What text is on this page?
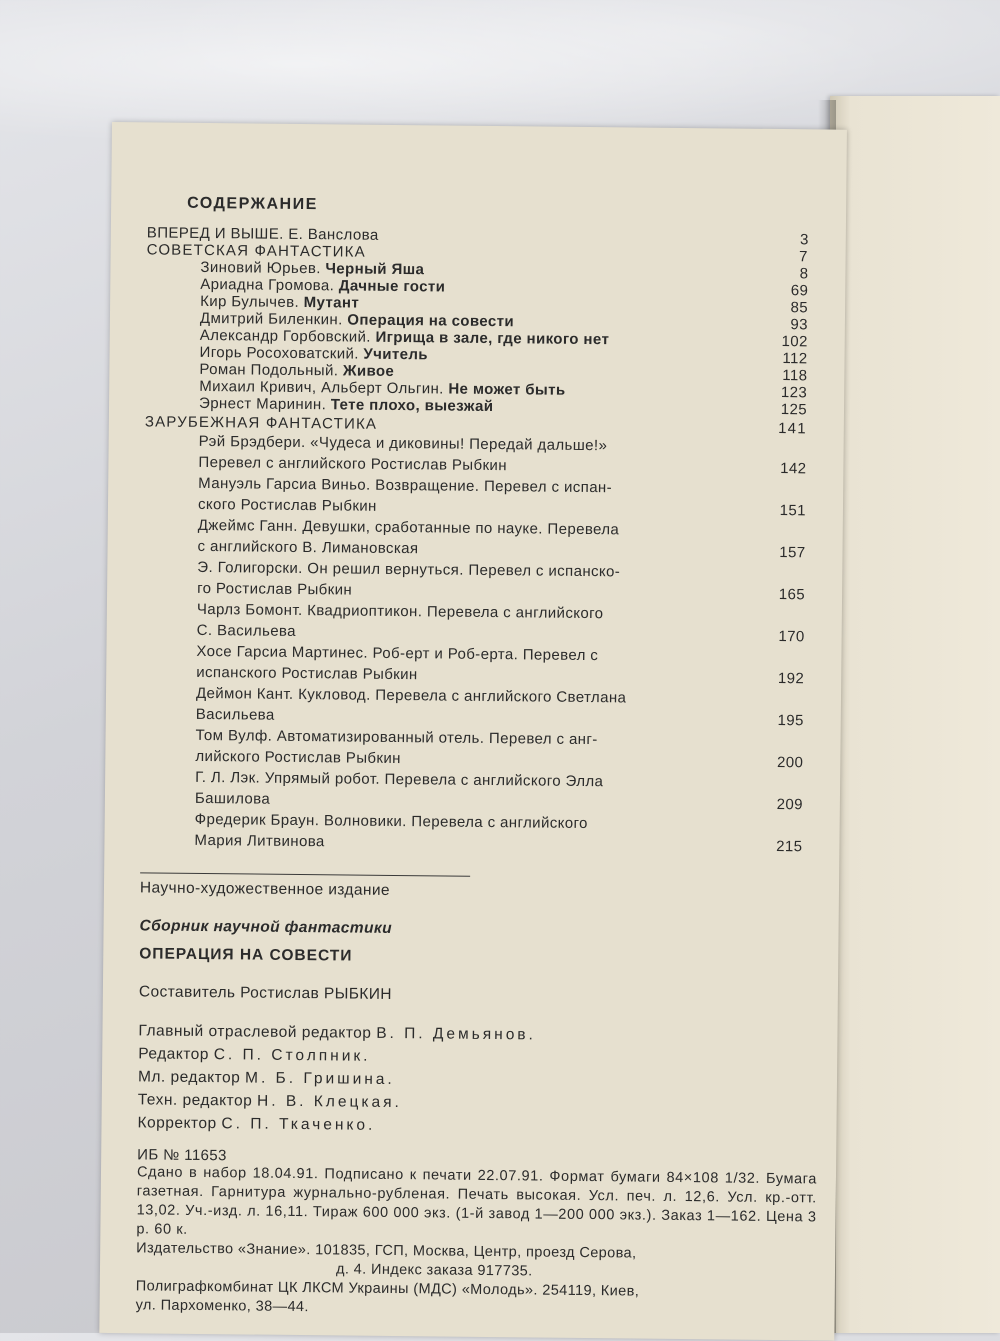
СОДЕРЖАНИЕ
ВПЕРЕД И ВЫШЕ. Е. Вансловa	3
СОВЕТСКАЯ ФАНТАСТИКА	7
Зиновий Юрьев. Черный Яша	8
Ариадна Громова. Дачные гости	69
Кир Булычев. Мутант	85
Дмитрий Биленкин. Операция на совести	93
Александр Горбовский. Игрища в зале, где никого нет	102
Игорь Росоховатский. Учитель	112
Роман Подольный. Живое	118
Михаил Кривич, Альберт Ольгин. Не может быть	123
Эрнест Маринин. Тете плохо, выезжай	125
ЗАРУБЕЖНАЯ ФАНТАСТИКА	141
Рэй Брэдбери. «Чудеса и диковины! Передай дальше!»
Перевел с английского Ростислав Рыбкин	142
Мануэль Гарсиа Виньо. Возвращение. Перевел с испан-
ского Ростислав Рыбкин	151
Джеймс Ганн. Девушки, сработанные по науке. Перевела
с английского В. Лимановская	157
Э. Голигорски. Он решил вернуться. Перевел с испанско-
го Ростислав Рыбкин	165
Чарлз Бомонт. Квадриоптикон. Перевела с английского
С. Васильева	170
Хосе Гарсиа Мартинес. Роб-ерт и Роб-ерта. Перевел с
испанского Ростислав Рыбкин	192
Деймон Кант. Кукловод. Перевела с английского Светлана
Васильева	195
Том Вулф. Автоматизированный отель. Перевел с анг-
лийского Ростислав Рыбкин	200
Г. Л. Лэк. Упрямый робот. Перевела с английского Элла
Башилова	209
Фредерик Браун. Волновики. Перевела с английского
Мария Литвинова	215
Научно-художественное издание
Сборник научной фантастики
ОПЕРАЦИЯ НА СОВЕСТИ
Составитель Ростислав РЫБКИН
Главный отраслевой редактор В. П. Демьянов.
Редактор С. П. Столпник.
Мл. редактор М. Б. Гришина.
Техн. редактор Н. В. Клецкая.
Корректор С. П. Ткаченко.
ИБ № 11653
Сдано в набор 18.04.91. Подписано к печати 22.07.91. Формат бумаги 84×108 1/32. Бумага газетная. Гарнитура журнально-рубленая. Печать высокая. Усл. печ. л. 12,6. Усл. кр.-отт. 13,02. Уч.-изд. л. 16,11. Тираж 600 000 экз. (1-й завод 1—200 000 экз.). Заказ 1—162. Цена 3 р. 60 к.
Издательство «Знание». 101835, ГСП, Москва, Центр, проезд Серова,
д. 4. Индекс заказа 917735.
Полиграфкомбинат ЦК ЛКСМ Украины (МДС) «Молодь». 254119, Киев,
ул. Пархоменко, 38—44.
